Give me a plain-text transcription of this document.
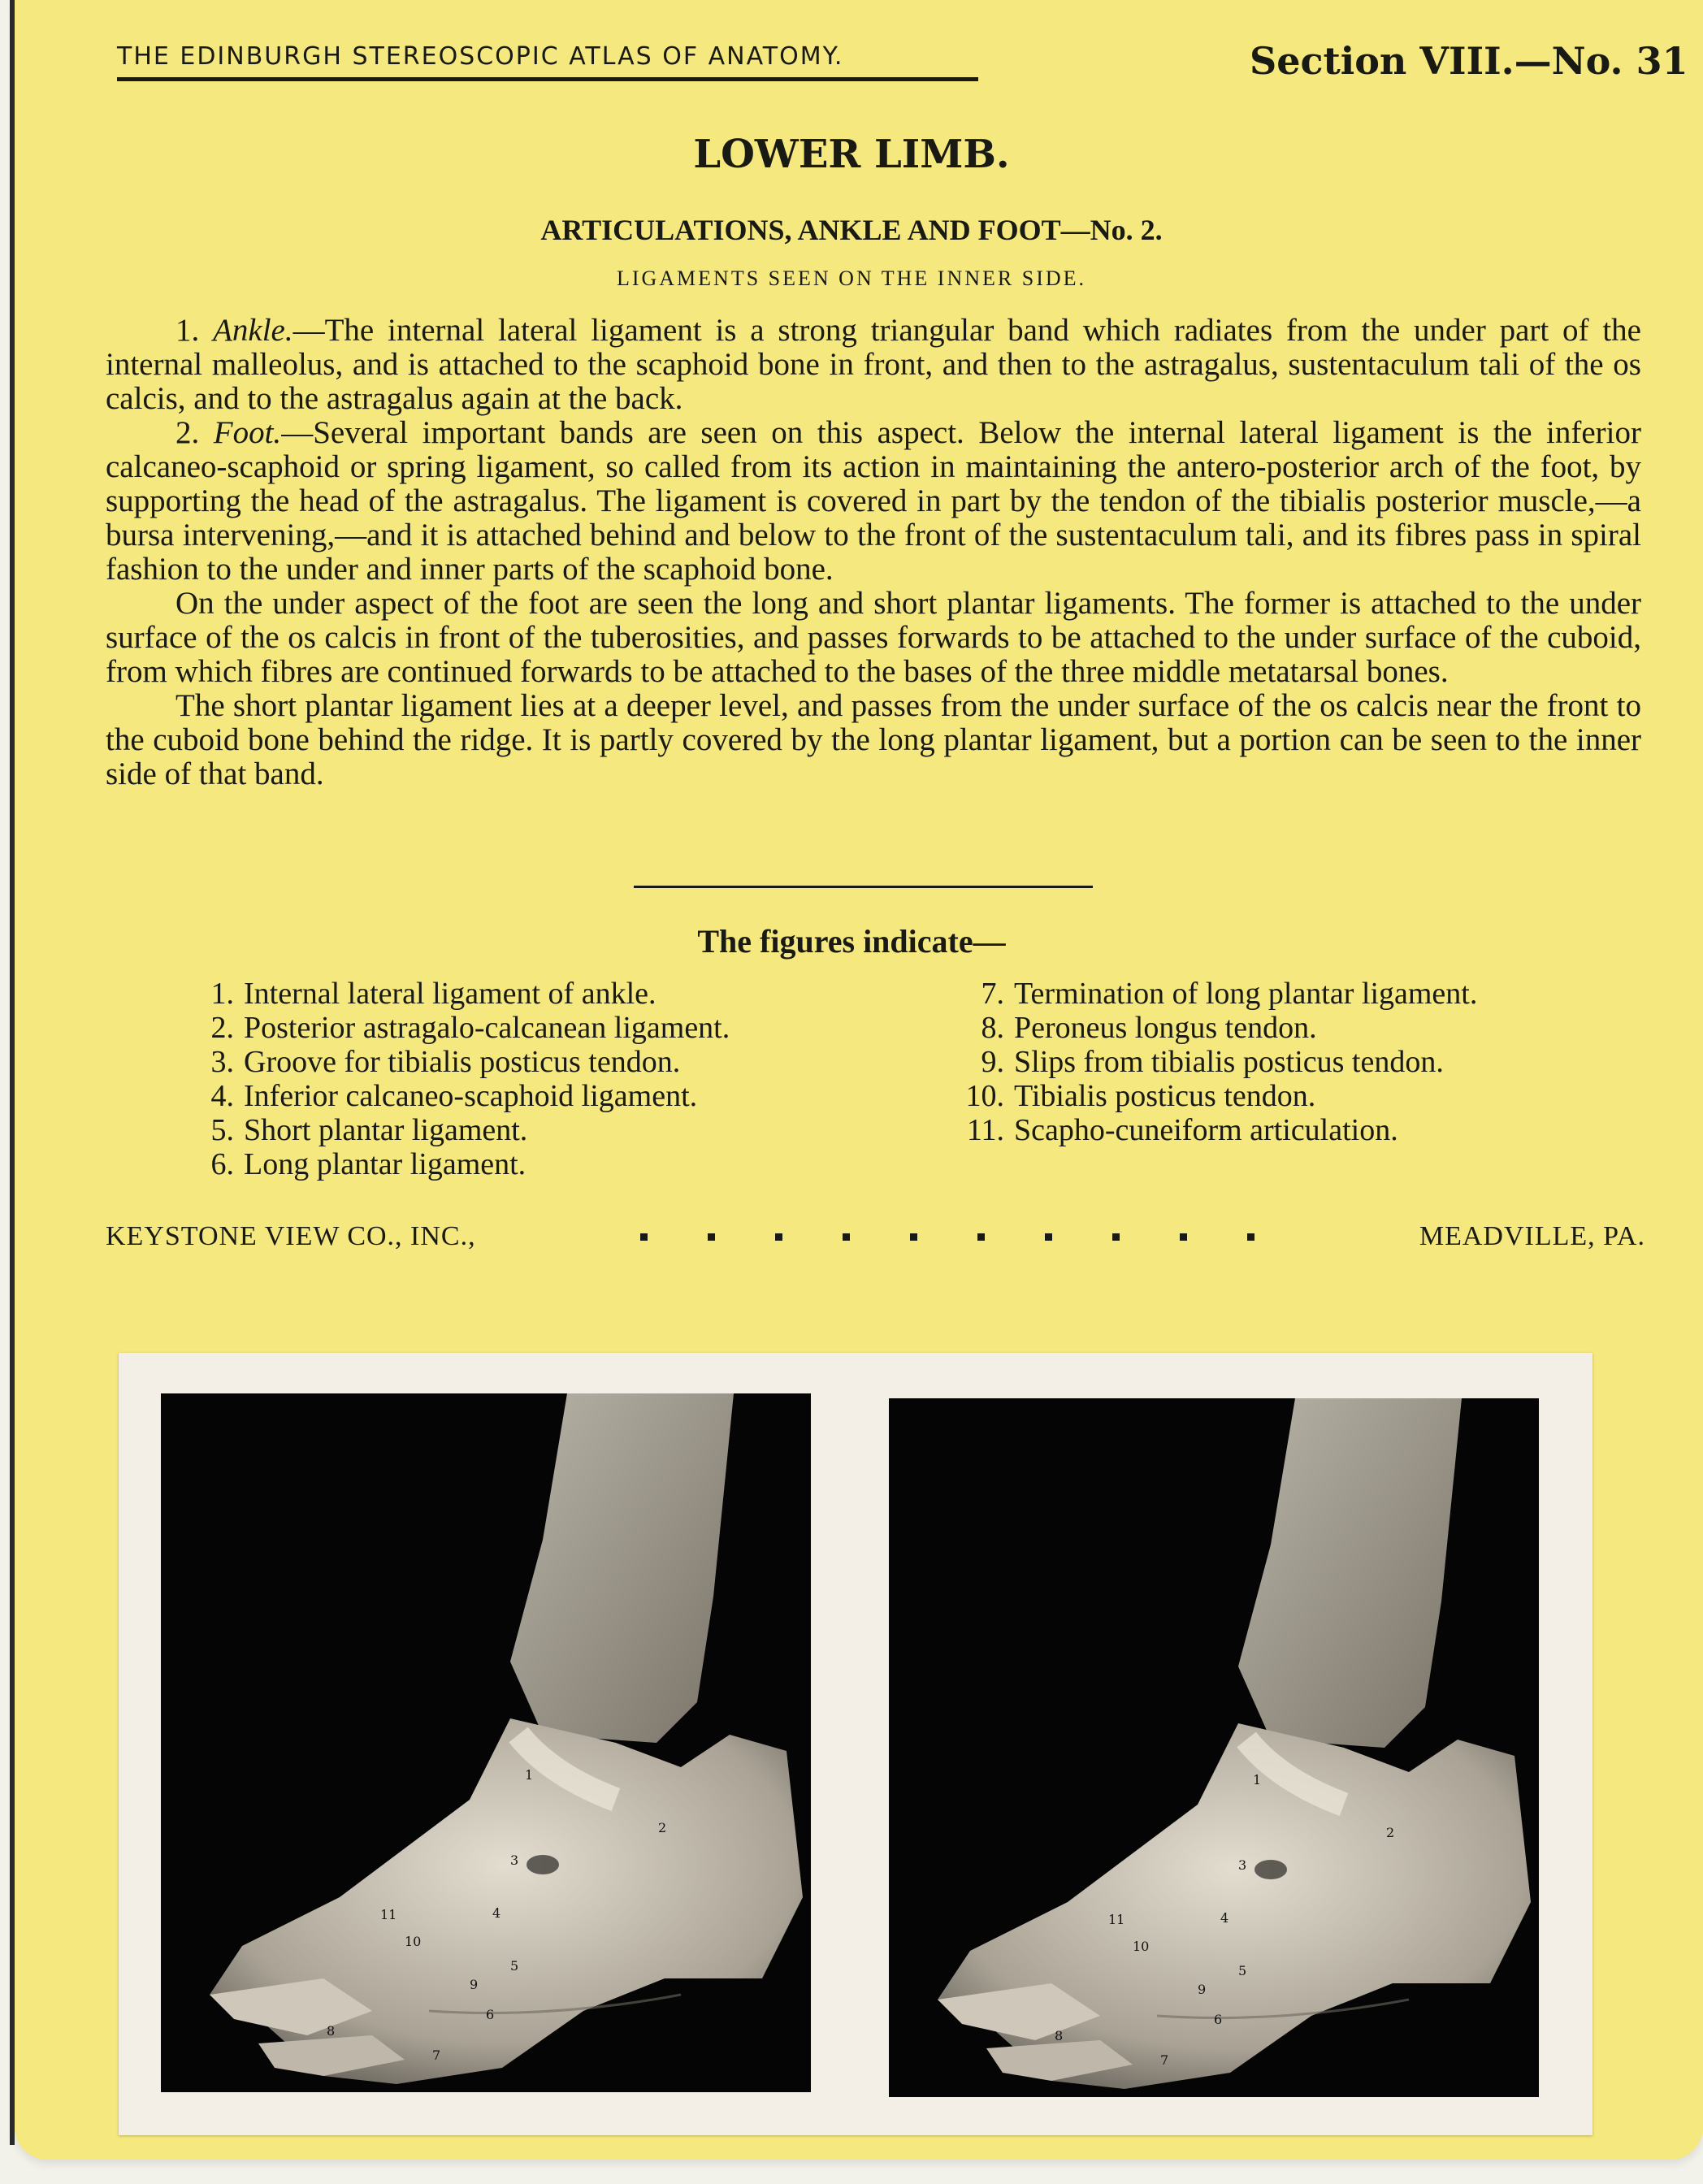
THE EDINBURGH STEREOSCOPIC ATLAS OF ANATOMY.	Section VIII.—No. 31
LOWER LIMB.
ARTICULATIONS, ANKLE AND FOOT—No. 2.
LIGAMENTS SEEN ON THE INNER SIDE.

1. Ankle.—The internal lateral ligament is a strong triangular band which radiates from the under part of the internal malleolus, and is attached to the scaphoid bone in front, and then to the astragalus, sustentaculum tali of the os calcis, and to the astragalus again at the back.

2. Foot.—Several important bands are seen on this aspect. Below the internal lateral ligament is the inferior calcaneo-scaphoid or spring ligament, so called from its action in maintaining the antero-posterior arch of the foot, by supporting the head of the astragalus. The ligament is covered in part by the tendon of the tibialis posterior muscle,—a bursa intervening,—and it is attached behind and below to the front of the sustentaculum tali, and its fibres pass in spiral fashion to the under and inner parts of the scaphoid bone.

On the under aspect of the foot are seen the long and short plantar ligaments. The former is attached to the under surface of the os calcis in front of the tuberosities, and passes forwards to be attached to the under surface of the cuboid, from which fibres are continued forwards to be attached to the bases of the three middle metatarsal bones.

The short plantar ligament lies at a deeper level, and passes from the under surface of the os calcis near the front to the cuboid bone behind the ridge. It is partly covered by the long plantar ligament, but a portion can be seen to the inner side of that band.

The figures indicate—
1. Internal lateral ligament of ankle.
2. Posterior astragalo-calcanean ligament.
3. Groove for tibialis posticus tendon.
4. Inferior calcaneo-scaphoid ligament.
5. Short plantar ligament.
6. Long plantar ligament.
7. Termination of long plantar ligament.
8. Peroneus longus tendon.
9. Slips from tibialis posticus tendon.
10. Tibialis posticus tendon.
11. Scapho-cuneiform articulation.
KEYSTONE VIEW CO., INC.,	MEADVILLE, PA.
1
2
3
4
5
6
7
8
9
10
11
1
2
3
4
5
6
7
8
9
10
11
